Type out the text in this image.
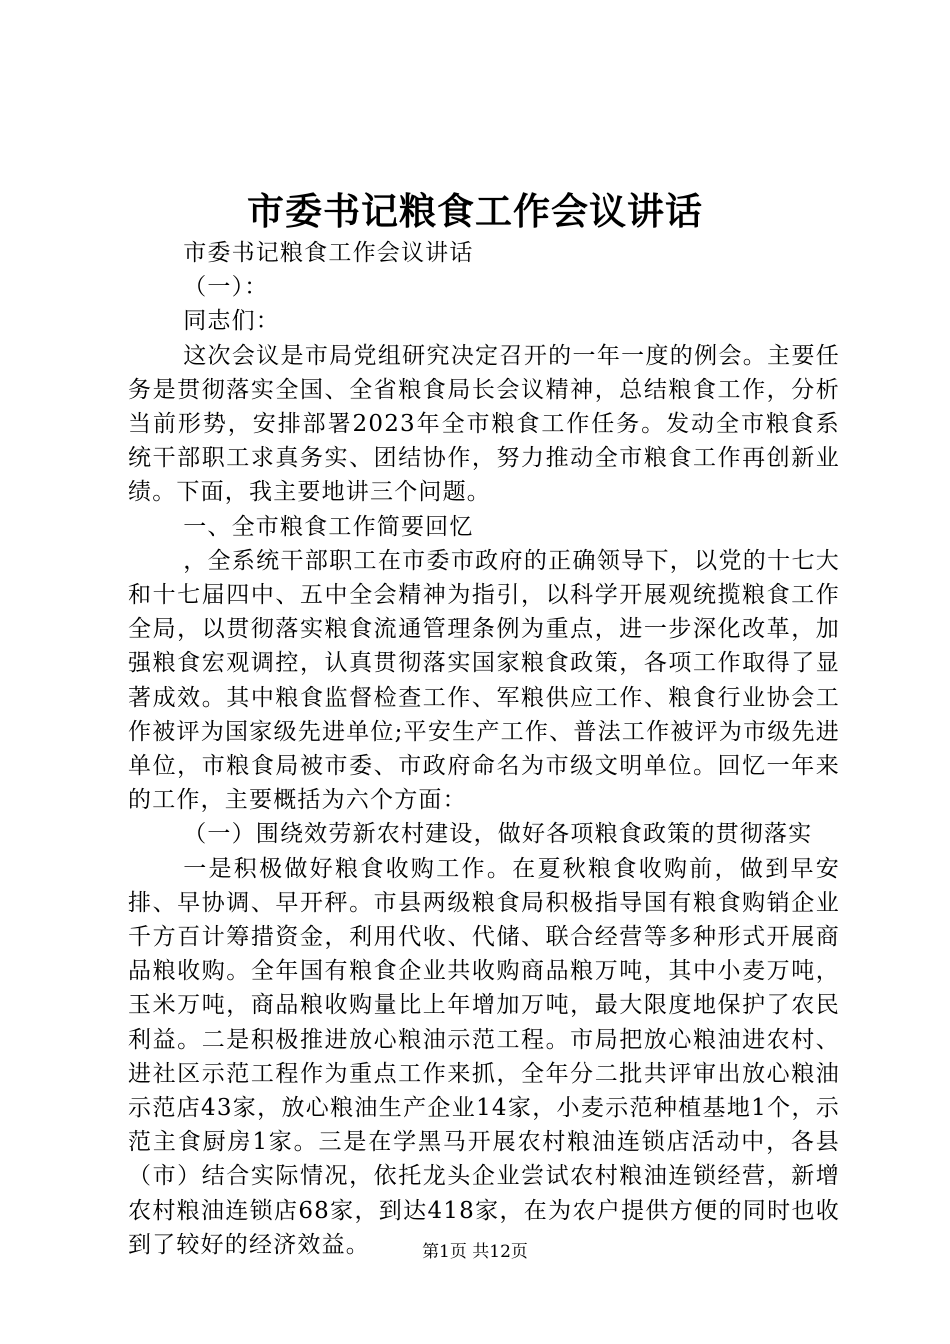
市委书记粮食工作会议讲话

市委书记粮食工作会议讲话

（一）：

同志们：

这次会议是市局党组研究决定召开的一年一度的例会。主要任务是贯彻落实全国、全省粮食局长会议精神，总结粮食工作，分析当前形势，安排部署2023年全市粮食工作任务。发动全市粮食系统干部职工求真务实、团结协作，努力推动全市粮食工作再创新业绩。下面，我主要地讲三个问题。

一、全市粮食工作简要回忆

，全系统干部职工在市委市政府的正确领导下，以党的十七大和十七届四中、五中全会精神为指引，以科学开展观统揽粮食工作全局，以贯彻落实粮食流通管理条例为重点，进一步深化改革，加强粮食宏观调控，认真贯彻落实国家粮食政策，各项工作取得了显著成效。其中粮食监督检查工作、军粮供应工作、粮食行业协会工作被评为国家级先进单位;平安生产工作、普法工作被评为市级先进单位，市粮食局被市委、市政府命名为市级文明单位。回忆一年来的工作，主要概括为六个方面：

（一）围绕效劳新农村建设，做好各项粮食政策的贯彻落实

一是积极做好粮食收购工作。在夏秋粮食收购前，做到早安排、早协调、早开秤。市县两级粮食局积极指导国有粮食购销企业千方百计筹措资金，利用代收、代储、联合经营等多种形式开展商品粮收购。全年国有粮食企业共收购商品粮万吨，其中小麦万吨，玉米万吨，商品粮收购量比上年增加万吨，最大限度地保护了农民利益。二是积极推进放心粮油示范工程。市局把放心粮油进农村、进社区示范工程作为重点工作来抓，全年分二批共评审出放心粮油示范店43家，放心粮油生产企业14家，小麦示范种植基地1个，示范主食厨房1家。三是在学黑马开展农村粮油连锁店活动中，各县（市）结合实际情况，依托龙头企业尝试农村粮油连锁经营，新增农村粮油连锁店68家，到达418家，在为农户提供方便的同时也收到了较好的经济效益。	第1页 共12页
